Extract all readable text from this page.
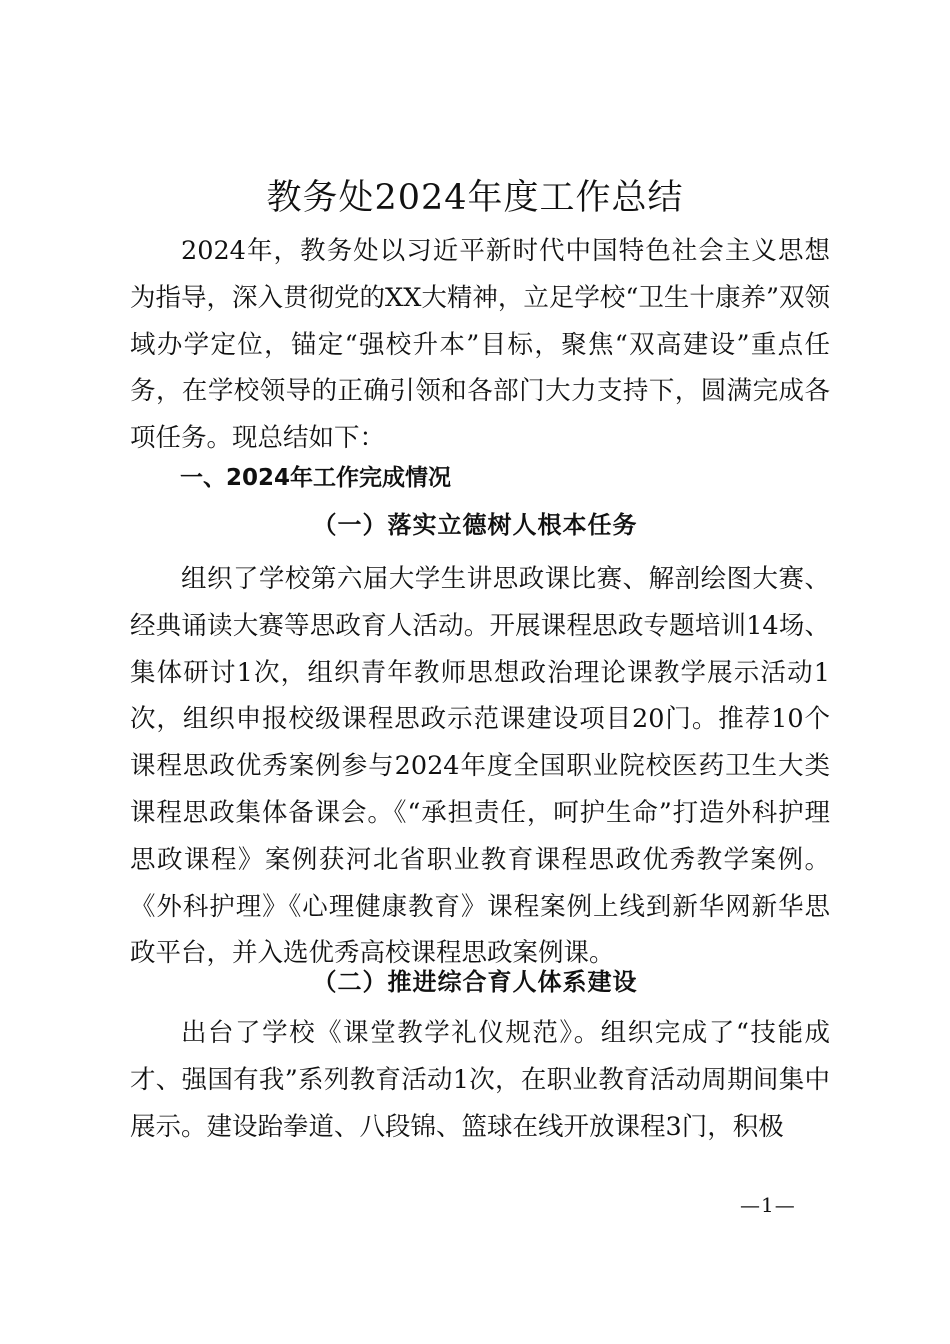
教务处2024年度工作总结

2024年，教务处以习近平新时代中国特色社会主义思想为指导，深入贯彻党的XX大精神，立足学校“卫生十康养”双领域办学定位，锚定“强校升本”目标，聚焦“双高建设”重点任务，在学校领导的正确引领和各部门大力支持下，圆满完成各项任务。现总结如下：

一、2024年工作完成情况
（一）落实立德树人根本任务

组织了学校第六届大学生讲思政课比赛、解剖绘图大赛、经典诵读大赛等思政育人活动。开展课程思政专题培训14场、集体研讨1次，组织青年教师思想政治理论课教学展示活动1次，组织申报校级课程思政示范课建设项目20门。推荐10个课程思政优秀案例参与2024年度全国职业院校医药卫生大类课程思政集体备课会。《“承担责任，呵护生命”打造外科护理思政课程》案例获河北省职业教育课程思政优秀教学案例。《外科护理》《心理健康教育》课程案例上线到新华网新华思政平台，并入选优秀高校课程思政案例课。

（二）推进综合育人体系建设

出台了学校《课堂教学礼仪规范》。组织完成了“技能成才、强国有我”系列教育活动1次，在职业教育活动周期间集中展示。建设跆拳道、八段锦、篮球在线开放课程3门，积极

—1—
